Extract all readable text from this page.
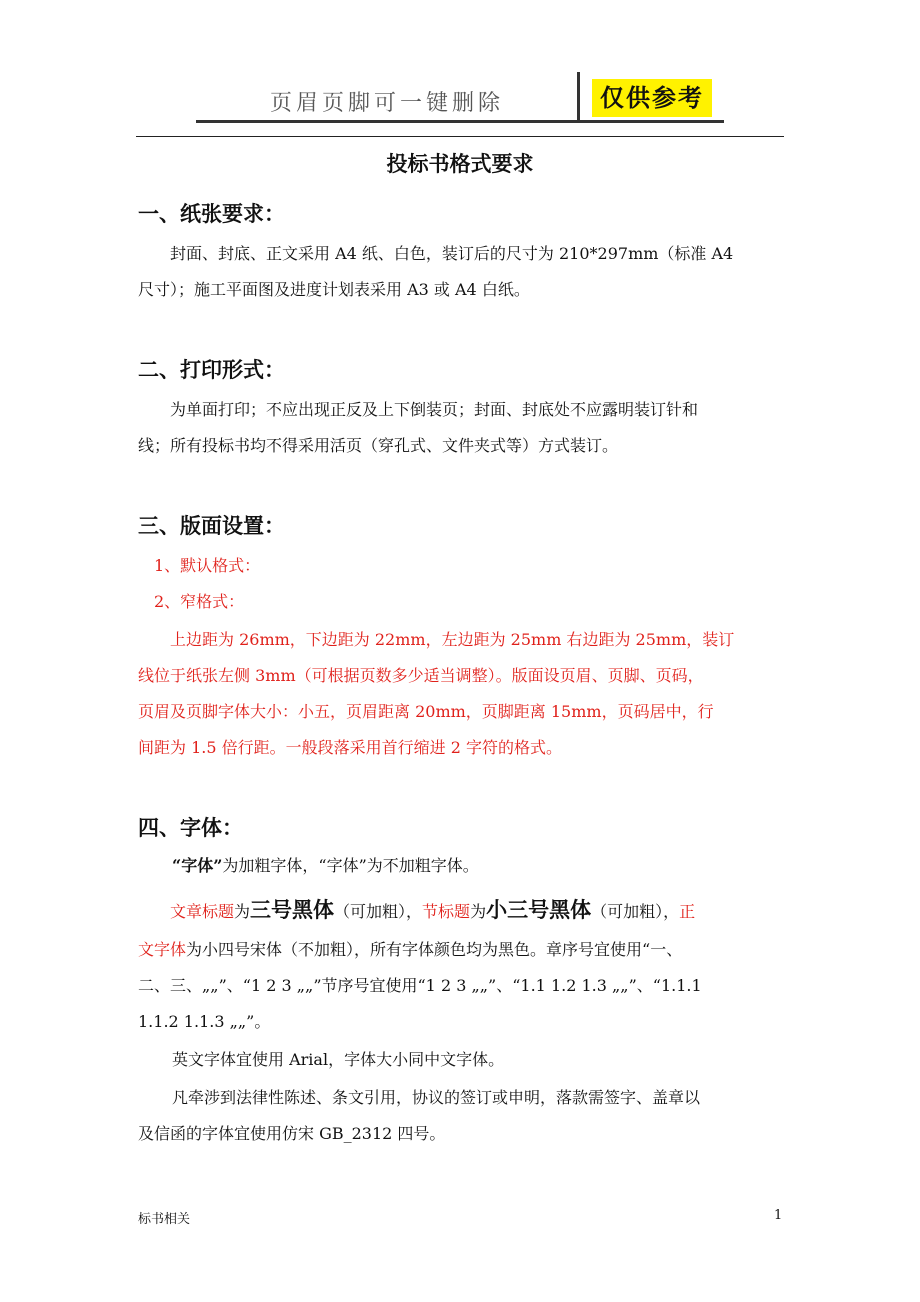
页眉页脚可一键删除	仅供参考
投标书格式要求
一、纸张要求：
封面、封底、正文采用 A4 纸、白色，装订后的尺寸为 210*297mm（标准 A4
尺寸）；施工平面图及进度计划表采用 A3 或 A4 白纸。
二、打印形式：
为单面打印；不应出现正反及上下倒装页；封面、封底处不应露明装订针和
线；所有投标书均不得采用活页（穿孔式、文件夹式等）方式装订。
三、版面设置：
1、默认格式：
2、窄格式：
上边距为 26mm，下边距为 22mm，左边距为 25mm 右边距为 25mm，装订
线位于纸张左侧 3mm（可根据页数多少适当调整）。版面设页眉、页脚、页码，
页眉及页脚字体大小：小五，页眉距离 20mm，页脚距离 15mm，页码居中，行
间距为 1.5 倍行距。一般段落采用首行缩进 2 字符的格式。
四、字体：
“字体”为加粗字体，“字体”为不加粗字体。
文章标题为三号黑体（可加粗），节标题为小三号黑体（可加粗），正
文字体为小四号宋体（不加粗），所有字体颜色均为黑色。章序号宜使用“一、
二、三、„„”、“1 2 3 „„”节序号宜使用“1 2 3 „„”、“1.1 1.2 1.3 „„”、“1.1.1
1.1.2 1.1.3 „„”。
英文字体宜使用 Arial，字体大小同中文字体。
凡牵涉到法律性陈述、条文引用，协议的签订或申明，落款需签字、盖章以
及信函的字体宜使用仿宋 GB_2312 四号。
标书相关	1
